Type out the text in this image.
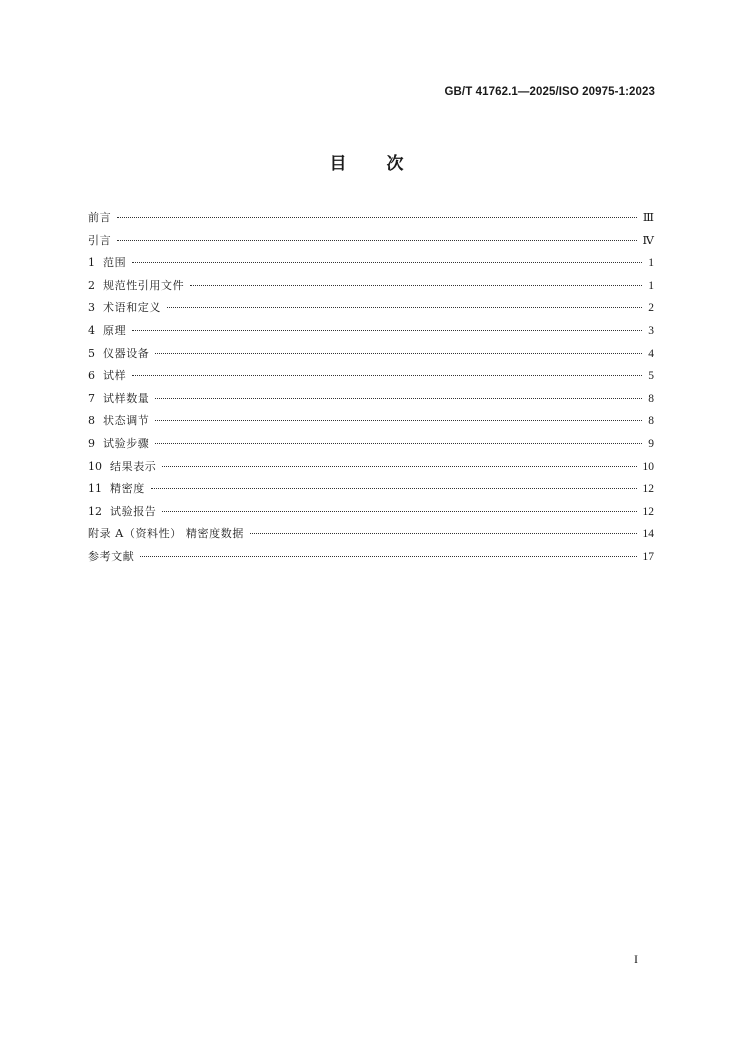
GB/T 41762.1—2025/ISO 20975-1:2023
目 次
前言	Ⅲ
引言	Ⅳ
1 范围	1
2 规范性引用文件	1
3 术语和定义	2
4 原理	3
5 仪器设备	4
6 试样	5
7 试样数量	8
8 状态调节	8
9 试验步骤	9
10 结果表示	10
11 精密度	12
12 试验报告	12
附录 A（资料性） 精密度数据	14
参考文献	17
I
